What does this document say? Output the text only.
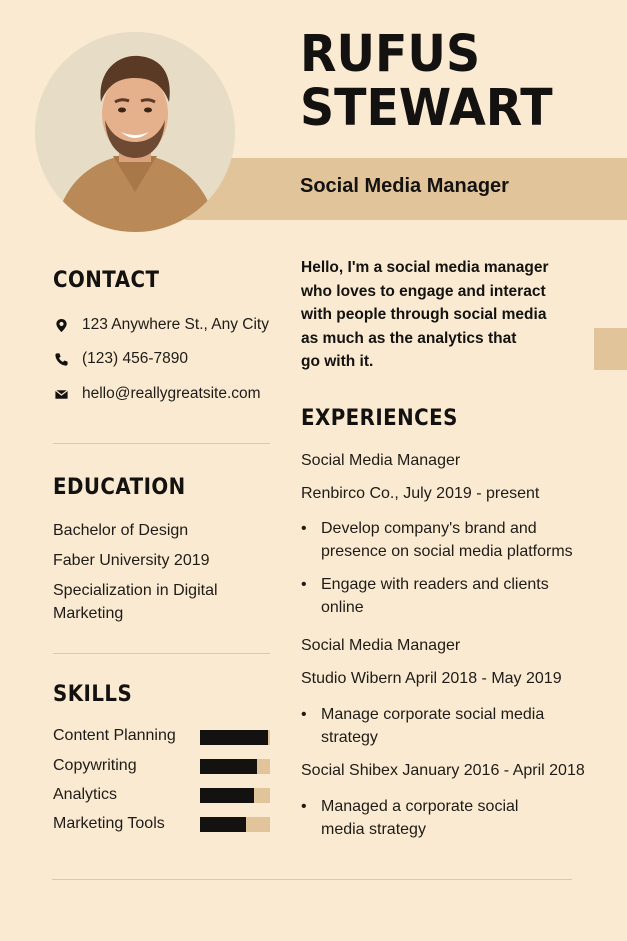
RUFUS
STEWART
Social Media Manager
CONTACT
123 Anywhere St., Any City
(123) 456-7890
hello@reallygreatsite.com
EDUCATION
Bachelor of Design
Faber University 2019
Specialization in Digital
Marketing
SKILLS
Content Planning
Copywriting
Analytics
Marketing Tools
Hello, I'm a social media manager
who loves to engage and interact
with people through social media
as much as the analytics that
go with it.
EXPERIENCES
Social Media Manager
Renbirco Co., July 2019 - present
• Develop company's brand and
presence on social media platforms
• Engage with readers and clients
online
Social Media Manager
Studio Wibern April 2018 - May 2019
• Manage corporate social media
strategy
Social Shibex January 2016 - April 2018
• Managed a corporate social
media strategy
